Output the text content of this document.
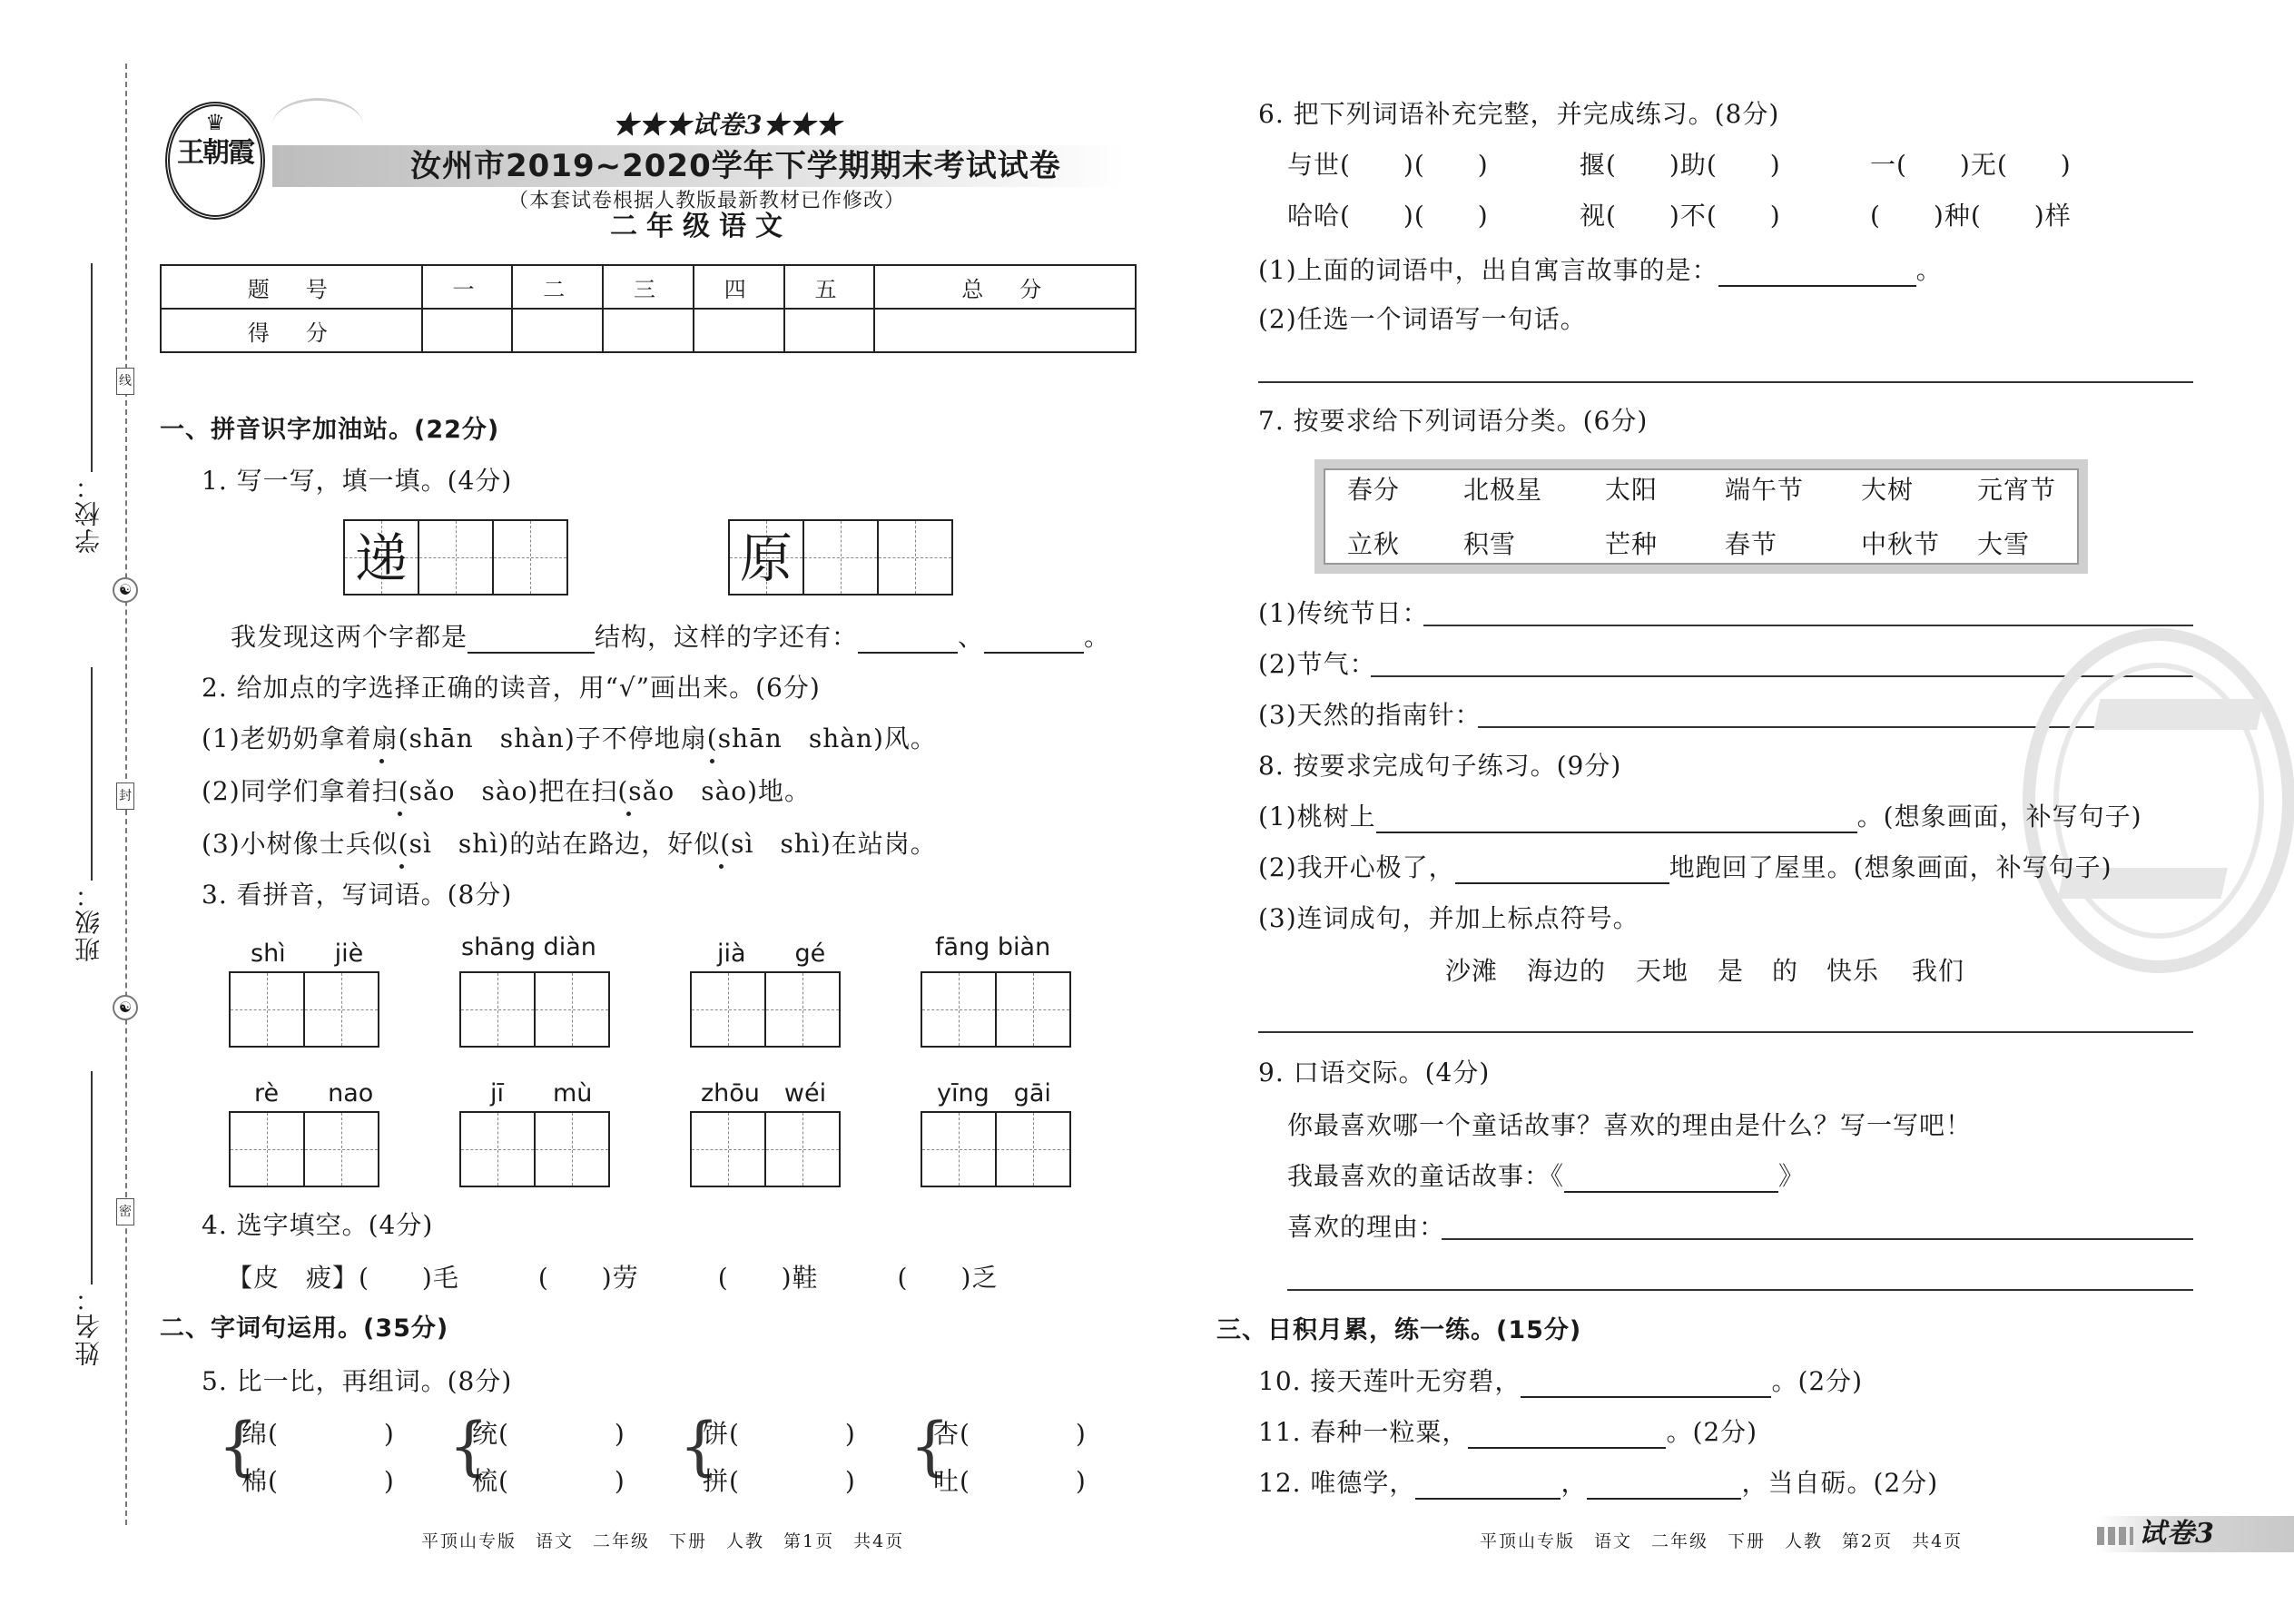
线
封
密
☯
☯
学校：
班级：
姓名：
♛
王朝霞
★★★试卷3★★★
汝州市2019~2020学年下学期期末考试试卷
（本套试卷根据人教版最新教材已作修改）
二年级语文
题　号	一	二	三	四	五	总　分
得　分						
一、拼音识字加油站。(22分)
1. 写一写，填一填。(4分)
递	原
我发现这两个字都是	结构，这样的字还有：	、	。
2. 给加点的字选择正确的读音，用“√”画出来。(6分)
(1)老奶奶拿着扇(shān　shàn)子不停地扇(shān　shàn)风。
(2)同学们拿着扫(sǎo　sào)把在扫(sǎo　sào)地。
(3)小树像士兵似(sì　shì)的站在路边，好似(sì　shì)在站岗。
3. 看拼音，写词语。(8分)
shì　　jiè	shāng diàn	jià　　gé	fāng biàn
rè　　nao	jī　　mù	zhōu　wéi	yīng　gāi
4. 选字填空。(4分)
【皮　疲】(　　)毛　　　(　　)劳　　　(　　)鞋　　　(　　)乏
二、字词句运用。(35分)
5. 比一比，再组词。(8分)
{
绵(　　　　)
棉(　　　　) {
统(　　　　)
梳(　　　　) {
饼(　　　　)
拼(　　　　) {
杏(　　　　)
吐(　　　　)
平顶山专版　语文　二年级　下册　人教　第1页　共4页
6. 把下列词语补充完整，并完成练习。(8分)
与世(　　)(　　)	揠(　　)助(　　)	一(　　)无(　　)
哈哈(　　)(　　)	视(　　)不(　　)	(　　)种(　　)样
(1)上面的词语中，出自寓言故事的是：	。
(2)任选一个词语写一句话。
7. 按要求给下列词语分类。(6分)
春分 北极星 太阳	端午节 大树 元宵节
立秋 积雪	芒种	春节	中秋节 大雪
(1)传统节日：
(2)节气：
(3)天然的指南针：
8. 按要求完成句子练习。(9分)
(1)桃树上	。(想象画面，补写句子)
(2)我开心极了，	地跑回了屋里。(想象画面，补写句子)
(3)连词成句，并加上标点符号。
沙滩 海边的 天地 是 的 快乐 我们
9. 口语交际。(4分)
你最喜欢哪一个童话故事？喜欢的理由是什么？写一写吧！
我最喜欢的童话故事：《	》
喜欢的理由：
三、日积月累，练一练。(15分)
10. 接天莲叶无穷碧，	。(2分)
11. 春种一粒粟，	。(2分)
12. 唯德学，	，	，当自砺。(2分)
平顶山专版　语文　二年级　下册　人教　第2页　共4页	试卷3
